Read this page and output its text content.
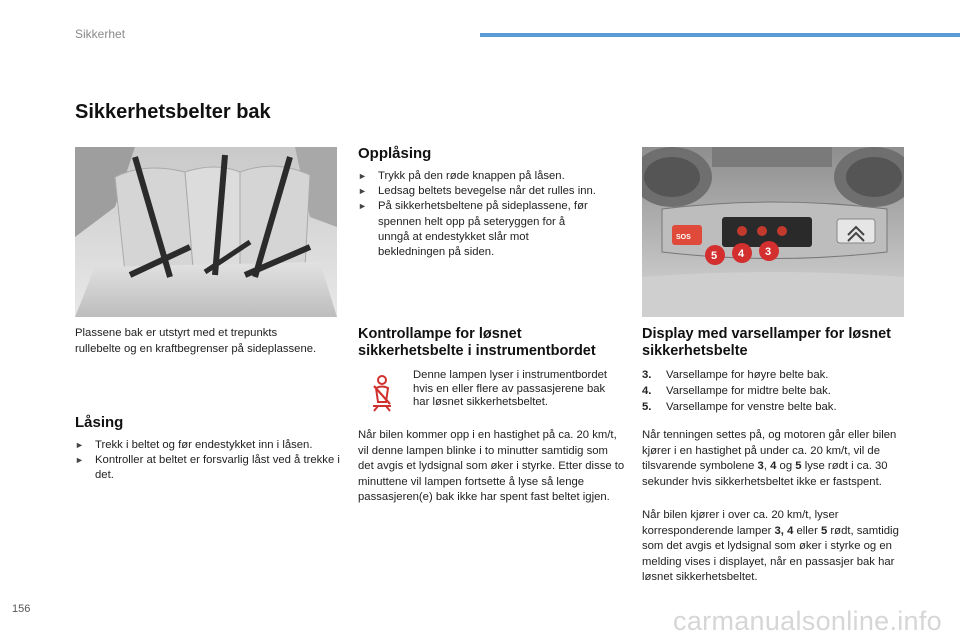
Sikkerhet
Sikkerhetsbelter bak
Plassene bak er utstyrt med et trepunkts rullebelte og en kraftbegrenser på sideplassene.
Låsing
► Trekk i beltet og før endestykket inn i låsen.
► Kontroller at beltet er forsvarlig låst ved å trekke i det.
Opplåsing
► Trykk på den røde knappen på låsen.
► Ledsag beltets bevegelse når det rulles inn.
► På sikkerhetsbeltene på sideplassene, før spennen helt opp på seteryggen for å unngå at endestykket slår mot bekledningen på siden.
Kontrollampe for løsnet sikkerhetsbelte i instrumentbordet
Denne lampen lyser i instrumentbordet hvis en eller flere av passasjerene bak har løsnet sikkerhetsbeltet.
Når bilen kommer opp i en hastighet på ca. 20 km/t, vil denne lampen blinke i to minutter samtidig som det avgis et lydsignal som øker i styrke. Etter disse to minuttene vil lampen fortsette å lyse så lenge passasjeren(e) bak ikke har spent fast beltet igjen.
SOS
5 4 3
Display med varsellamper for løsnet sikkerhetsbelte
3. Varsellampe for høyre belte bak.
4. Varsellampe for midtre belte bak.
5. Varsellampe for venstre belte bak.
Når tenningen settes på, og motoren går eller bilen kjører i en hastighet på under ca. 20 km/t, vil de tilsvarende symbolene 3, 4 og 5 lyse rødt i ca. 30 sekunder hvis sikkerhetsbeltet ikke er fastspent.
Når bilen kjører i over ca. 20 km/t, lyser korresponderende lamper 3, 4 eller 5 rødt, samtidig som det avgis et lydsignal som øker i styrke og en melding vises i displayet, når en passasjer bak har løsnet sikkerhetsbeltet.
156	carmanualsonline.info
